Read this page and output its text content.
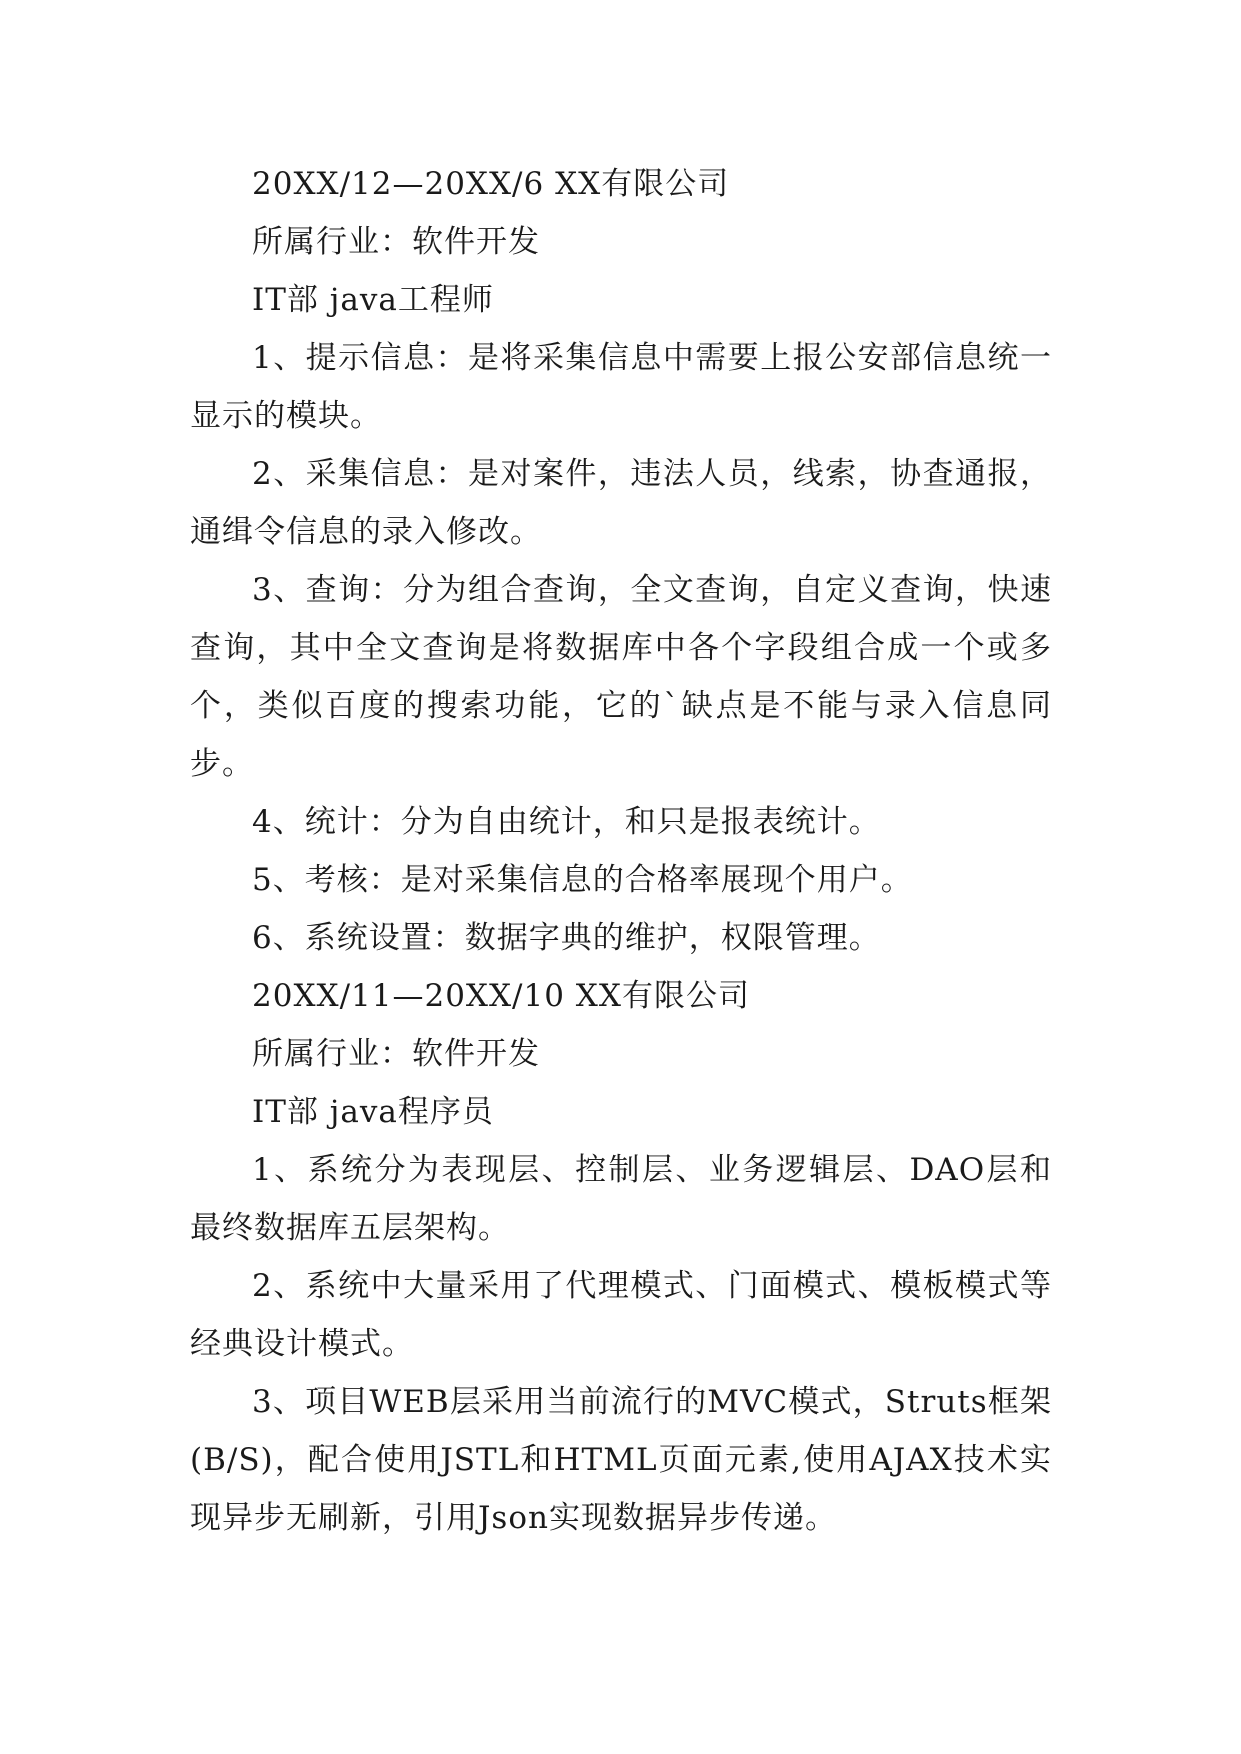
20XX/12—20XX/6 XX有限公司

所属行业：软件开发

IT部 java工程师

1、提示信息：是将采集信息中需要上报公安部信息统一显示的模块。

2、采集信息：是对案件，违法人员，线索，协查通报，通缉令信息的录入修改。

3、查询：分为组合查询，全文查询，自定义查询，快速查询，其中全文查询是将数据库中各个字段组合成一个或多个，类似百度的搜索功能，它的`缺点是不能与录入信息同步。

4、统计：分为自由统计，和只是报表统计。

5、考核：是对采集信息的合格率展现个用户。

6、系统设置：数据字典的维护，权限管理。

20XX/11—20XX/10 XX有限公司

所属行业：软件开发

IT部 java程序员

1、系统分为表现层、控制层、业务逻辑层、DAO层和最终数据库五层架构。

2、系统中大量采用了代理模式、门面模式、模板模式等经典设计模式。

3、项目WEB层采用当前流行的MVC模式，Struts框架(B/S)，配合使用JSTL和HTML页面元素,使用AJAX技术实现异步无刷新，引用Json实现数据异步传递。
